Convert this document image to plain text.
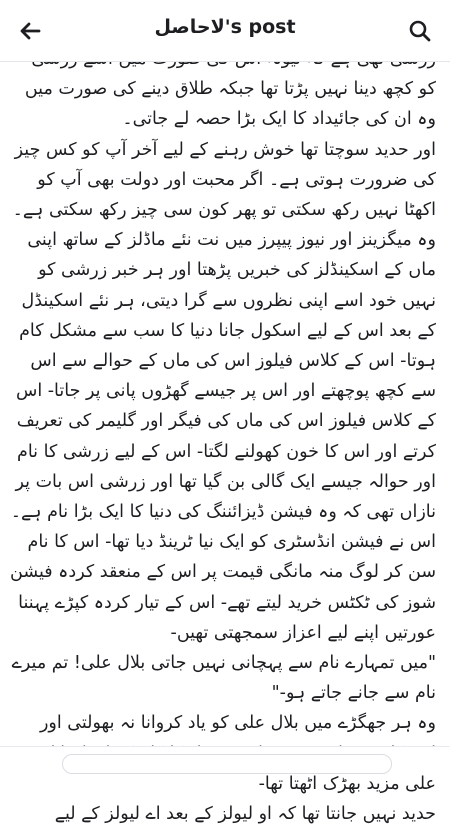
کو کچھ دینا نہیں پڑتا تھا جبکہ طلاق دینے کی صورت میں وہ ان کی جائیداد کا ایک بڑا حصہ لے جاتی۔

اور حدید سوچتا تھا خوش رہنے کے لیے آخر آپ کو کس چیز کی ضرورت ہوتی ہے۔ اگر محبت اور دولت بھی آپ کو اکھٹا نہیں رکھ سکتی تو پھر کون سی چیز رکھ سکتی ہے۔ وہ میگزینز اور نیوز پیپرز میں نت نئے ماڈلز کے ساتھ اپنی ماں کے اسکینڈلز کی خبریں پڑھتا اور ہر خبر زرشی کو نہیں خود اسے اپنی نظروں سے گرا دیتی، ہر نئے اسکینڈل کے بعد اس کے لیے اسکول جانا دنیا کا سب سے مشکل کام ہوتا- اس کے کلاس فیلوز اس کی ماں کے حوالے سے اس سے کچھ پوچھتے اور اس پر جیسے گھڑوں پانی پر جاتا- اس کے کلاس فیلوز اس کی ماں کی فیگر اور گلیمر کی تعریف کرتے اور اس کا خون کھولنے لگتا- اس کے لیے زرشی کا نام اور حوالہ جیسے ایک گالی بن گیا تھا اور زرشی اس بات پر نازاں تھی کہ وہ فیشن ڈیزائننگ کی دنیا کا ایک بڑا نام ہے۔ اس نے فیشن انڈسٹری کو ایک نیا ٹرینڈ دیا تھا- اس کا نام سن کر لوگ منہ مانگی قیمت پر اس کے منعقد کردہ فیشن شوز کی ٹکٹس خرید لیتے تھے- اس کے تیار کردہ کپڑے پہننا عورتیں اپنے لیے اعزاز سمجھتی تھیں-

"میں تمہارے نام سے پہچانی نہیں جاتی بلال علی! تم میرے نام سے جانے جاتے ہو-"

وہ ہر جھگڑے میں بلال علی کو یاد کروانا نہ بھولتی اور علی مزید بھڑک اٹھتا تھا-

حدید نہیں جانتا تھا کہ او لیولز کے بعد اے لیولز کے لیے

لاحاصل's post
